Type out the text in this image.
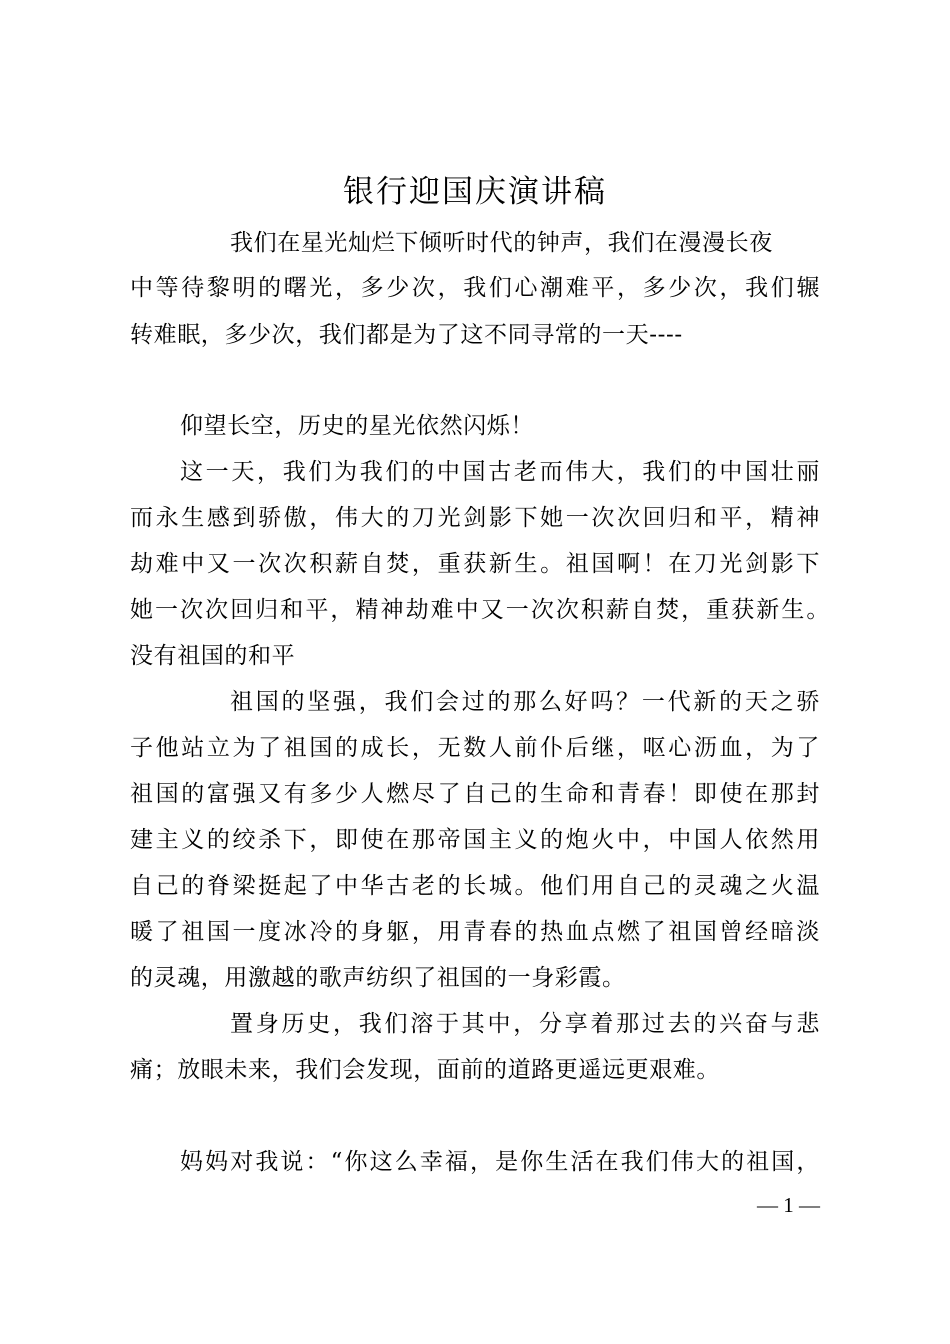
银行迎国庆演讲稿
我们在星光灿烂下倾听时代的钟声，我们在漫漫长夜
中等待黎明的曙光，多少次，我们心潮难平，多少次，我们辗
转难眠，多少次，我们都是为了这不同寻常的一天----
仰望长空，历史的星光依然闪烁！
这一天，我们为我们的中国古老而伟大，我们的中国壮丽
而永生感到骄傲，伟大的刀光剑影下她一次次回归和平，精神
劫难中又一次次积薪自焚，重获新生。祖国啊！在刀光剑影下
她一次次回归和平，精神劫难中又一次次积薪自焚，重获新生。
没有祖国的和平
祖国的坚强，我们会过的那么好吗？一代新的天之骄
子他站立为了祖国的成长，无数人前仆后继，呕心沥血，为了
祖国的富强又有多少人燃尽了自己的生命和青春！即使在那封
建主义的绞杀下，即使在那帝国主义的炮火中，中国人依然用
自己的脊梁挺起了中华古老的长城。他们用自己的灵魂之火温
暖了祖国一度冰冷的身躯，用青春的热血点燃了祖国曾经暗淡
的灵魂，用激越的歌声纺织了祖国的一身彩霞。
置身历史，我们溶于其中，分享着那过去的兴奋与悲
痛；放眼未来，我们会发现，面前的道路更遥远更艰难。
妈妈对我说：“你这么幸福，是你生活在我们伟大的祖国，
— 1 —
